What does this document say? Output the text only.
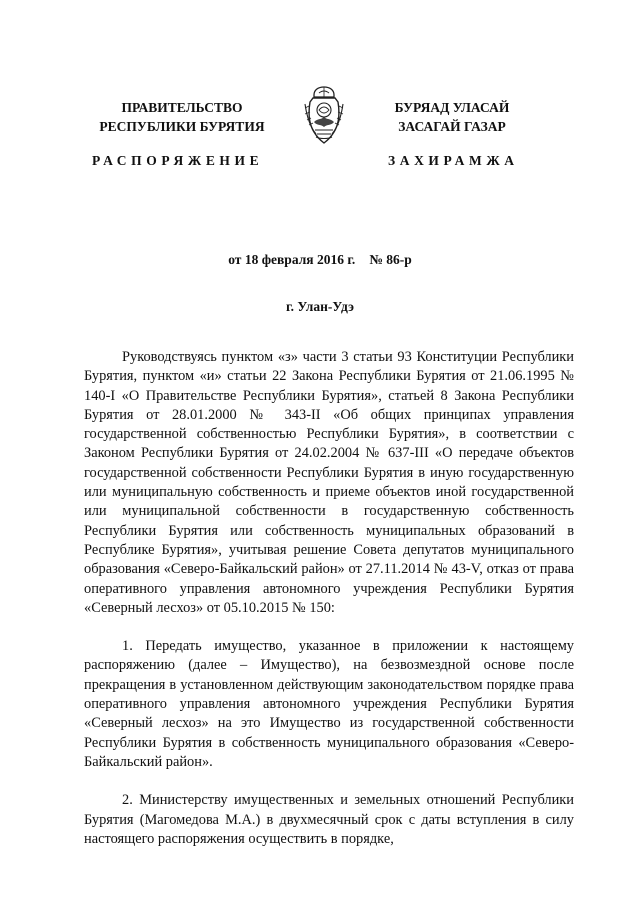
ПРАВИТЕЛЬСТВО
РЕСПУБЛИКИ БУРЯТИЯ
БУРЯАД УЛАСАЙ
ЗАСАГАЙ ГАЗАР
РАСПОРЯЖЕНИЕ	ЗАХИРАМЖА
от 18 февраля 2016 г. № 86-р
г. Улан-Удэ

Руководствуясь пунктом «з» части 3 статьи 93 Конституции Республики Бурятия, пунктом «и» статьи 22 Закона Республики Бурятия от 21.06.1995 № 140-I «О Правительстве Республики Бурятия», статьей 8 Закона Республики Бурятия от 28.01.2000 № 343-II «Об общих принципах управления государственной собственностью Республики Бурятия», в соответствии с Законом Республики Бурятия от 24.02.2004 № 637-III «О передаче объектов государственной собственности Республики Бурятия в иную государственную или муниципальную собственность и приеме объектов иной государственной или муниципальной собственности в государственную собственность Республики Бурятия или собственность муниципальных образований в Республике Бурятия», учитывая решение Совета депутатов муниципального образования «Северо-Байкальский район» от 27.11.2014 № 43-V, отказ от права оперативного управления автономного учреждения Республики Бурятия «Северный лесхоз» от 05.10.2015 № 150:

1. Передать имущество, указанное в приложении к настоящему распоряжению (далее – Имущество), на безвозмездной основе после прекращения в установленном действующим законодательством порядке права оперативного управления автономного учреждения Республики Бурятия «Северный лесхоз» на это Имущество из государственной собственности Республики Бурятия в собственность муниципального образования «Северо-Байкальский район».

2. Министерству имущественных и земельных отношений Республики Бурятия (Магомедова М.А.) в двухмесячный срок с даты вступления в силу настоящего распоряжения осуществить в порядке,
